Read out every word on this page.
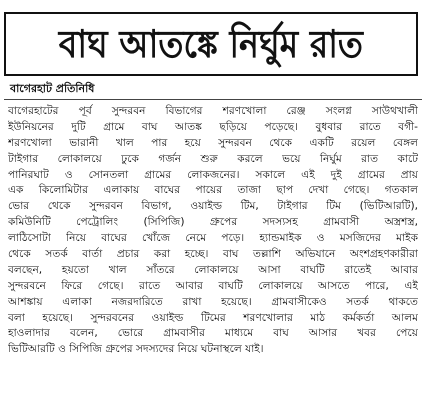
বাঘ আতঙ্কে নির্ঘুম রাত
বাগেরহাট প্রতিনিধি
বাগেরহাটের পূর্ব সুন্দরবন বিভাগের শরণখোলা রেঞ্জ সংলগ্ন সাউথখালী
ইউনিয়নের দুটি গ্রামে বাঘ আতঙ্ক ছড়িয়ে পড়েছে। বুধবার রাতে বগী-
শরণখোলা ভারানী খাল পার হয়ে সুন্দরবন থেকে একটি রয়েল বেঙ্গল
টাইগার লোকালয়ে ঢুকে গর্জন শুরু করলে ভয়ে নির্ঘুম রাত কাটে
পানিরঘাট ও সোনতলা গ্রামের লোকজনের। সকালে এই দুই গ্রামের প্রায়
এক কিলোমিটার এলাকায় বাঘের পায়ের তাজা ছাপ দেখা গেছে। গতকাল
ভোর থেকে সুন্দরবন বিভাগ, ওয়াইল্ড টিম, টাইগার টিম (ভিটিআরটি),
কমিউনিটি পেট্রোলিং (সিপিজি) গ্রুপের সদস্যসহ গ্রামবাসী অস্ত্রশস্ত্র,
লাঠিসোটা নিয়ে বাঘের খোঁজে নেমে পড়ে। হ্যান্ডমাইক ও মসজিদের মাইক
থেকে সতর্ক বার্তা প্রচার করা হচ্ছে। বাঘ তল্লাশি অভিযানে অংশগ্রহণকারীরা
বলছেন, হয়তো খাল সাঁতরে লোকালয়ে আসা বাঘটি রাতেই আবার
সুন্দরবনে ফিরে গেছে। রাতে আবার বাঘটি লোকালয়ে আসতে পারে, এই
আশঙ্কায় এলাকা নজরদারিতে রাখা হয়েছে। গ্রামবাসীকেও সতর্ক থাকতে
বলা হয়েছে। সুন্দরবনের ওয়াইল্ড টিমের শরণখোলার মাঠ কর্মকর্তা আলম
হাওলাদার বলেন, ভোরে গ্রামবাসীর মাধ্যমে বাঘ আসার খবর পেয়ে
ভিটিআরটি ও সিপিজি গ্রুপের সদস্যদের নিয়ে ঘটনাস্থলে যাই।
